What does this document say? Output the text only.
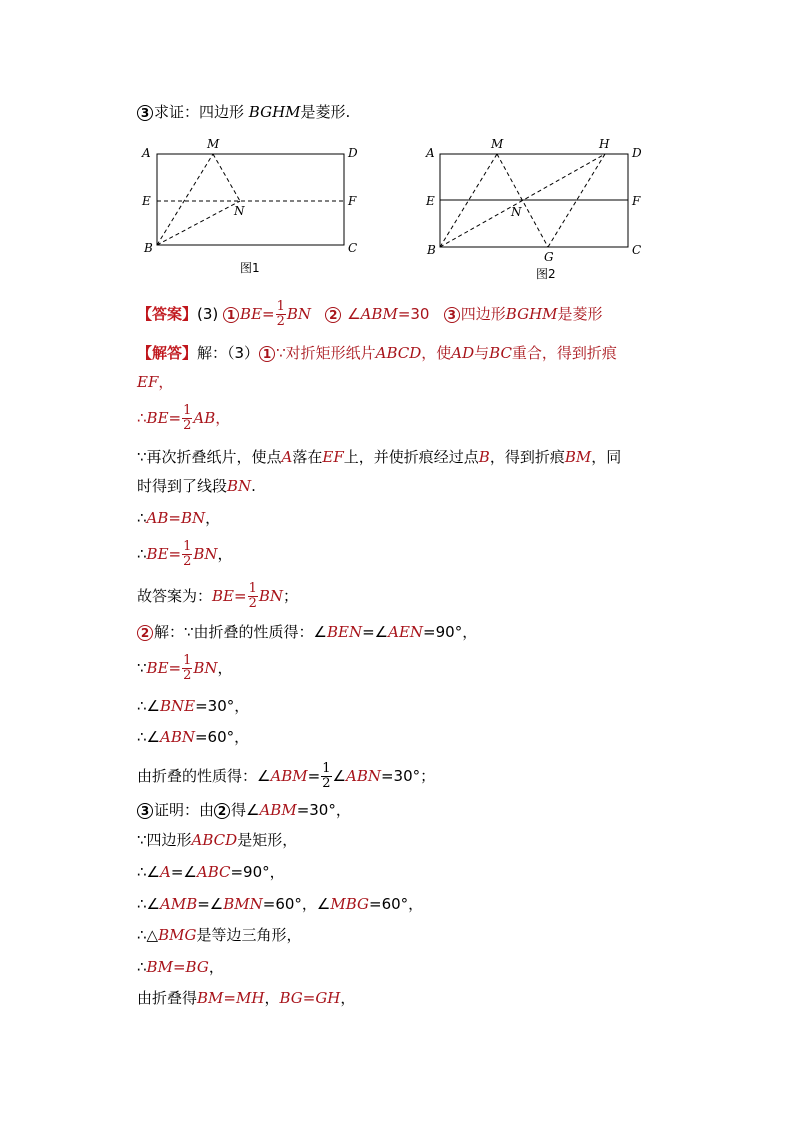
3 求证：四边形 BGHM是菱形.
A
M
D
E	F
N
B	C
图1
A
M	H
D
E	F
N
B	G	C
图2
【答案】(3) 1 $BE= \frac{1}{2}$ BN 2 ∠ABM=30 3 四边形BGHM是菱形
【解答】解：（3） 1 ∵对折矩形纸片ABCD，使AD与BC重合，得到折痕
EF，
∴BE= $\frac{1}{2}$ AB，
∵再次折叠纸片，使点A落在EF上，并使折痕经过点B，得到折痕BM，同
时得到了线段BN.
∴AB=BN，
∴BE= $\frac{1}{2}$ BN，
故答案为：$BE= \frac{1}{2}$ BN；
2 解：∵由折叠的性质得：∠BEN=∠AEN=90°，
∵BE= $\frac{1}{2}$ BN，
∴∠BNE=30°，
∴∠ABN=60°，
由折叠的性质得：∠ABM= $\frac{1}{2}$ ∠ABN=30°；
3 证明：由 2 得∠ABM=30°，
∵四边形ABCD是矩形，
∴∠A=∠ABC=90°，
∴∠AMB=∠BMN=60°，∠MBG=60°，
∴△BMG是等边三角形，
∴BM=BG，
由折叠得BM=MH，BG=GH，
